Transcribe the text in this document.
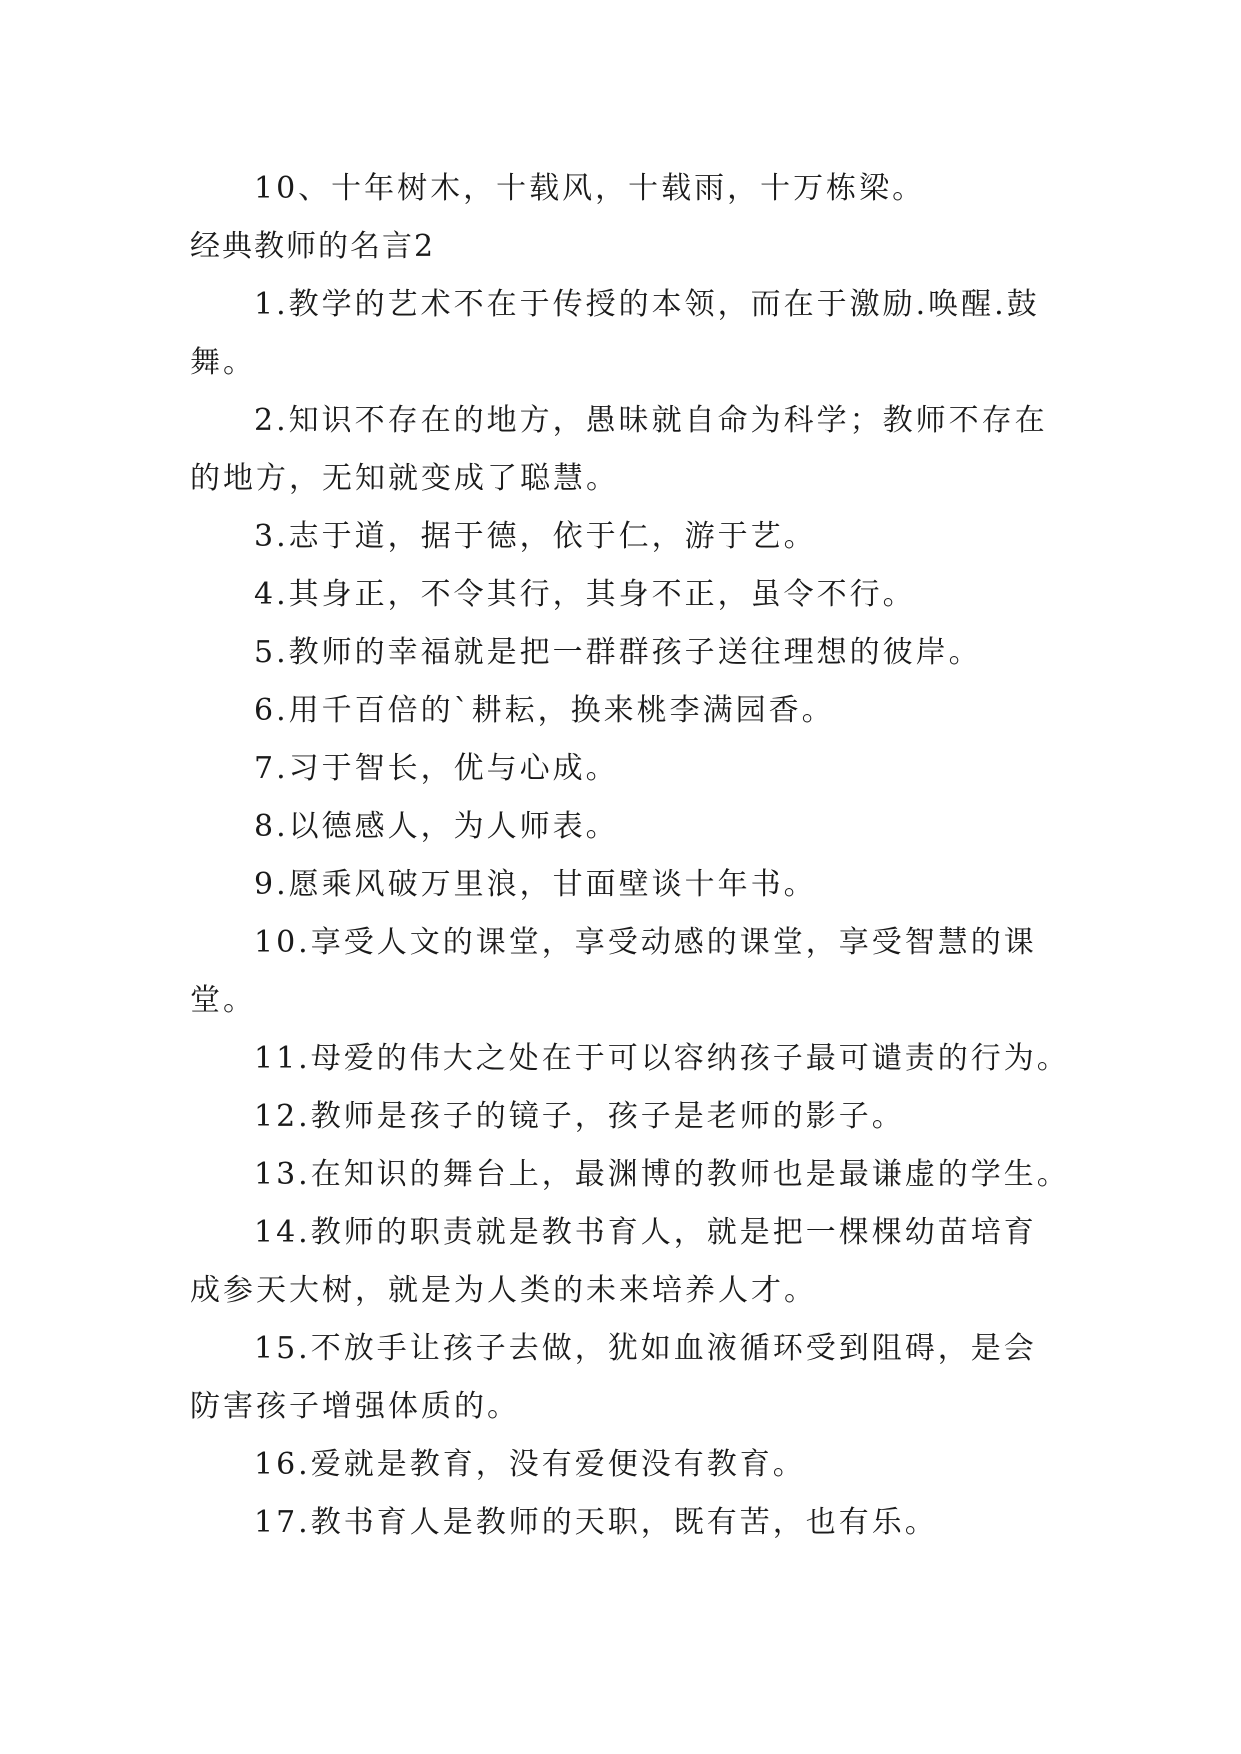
10、十年树木，十载风，十载雨，十万栋梁。

经典教师的名言2

1.教学的艺术不在于传授的本领，而在于激励.唤醒.鼓
舞。

2.知识不存在的地方，愚昧就自命为科学；教师不存在
的地方，无知就变成了聪慧。

3.志于道，据于德，依于仁，游于艺。

4.其身正，不令其行，其身不正，虽令不行。

5.教师的幸福就是把一群群孩子送往理想的彼岸。

6.用千百倍的`耕耘，换来桃李满园香。

7.习于智长，优与心成。

8.以德感人，为人师表。

9.愿乘风破万里浪，甘面壁谈十年书。

10.享受人文的课堂，享受动感的课堂，享受智慧的课
堂。

11.母爱的伟大之处在于可以容纳孩子最可谴责的行为。

12.教师是孩子的镜子，孩子是老师的影子。

13.在知识的舞台上，最渊博的教师也是最谦虚的学生。

14.教师的职责就是教书育人，就是把一棵棵幼苗培育
成参天大树，就是为人类的未来培养人才。

15.不放手让孩子去做，犹如血液循环受到阻碍，是会
防害孩子增强体质的。

16.爱就是教育，没有爱便没有教育。

17.教书育人是教师的天职，既有苦，也有乐。
